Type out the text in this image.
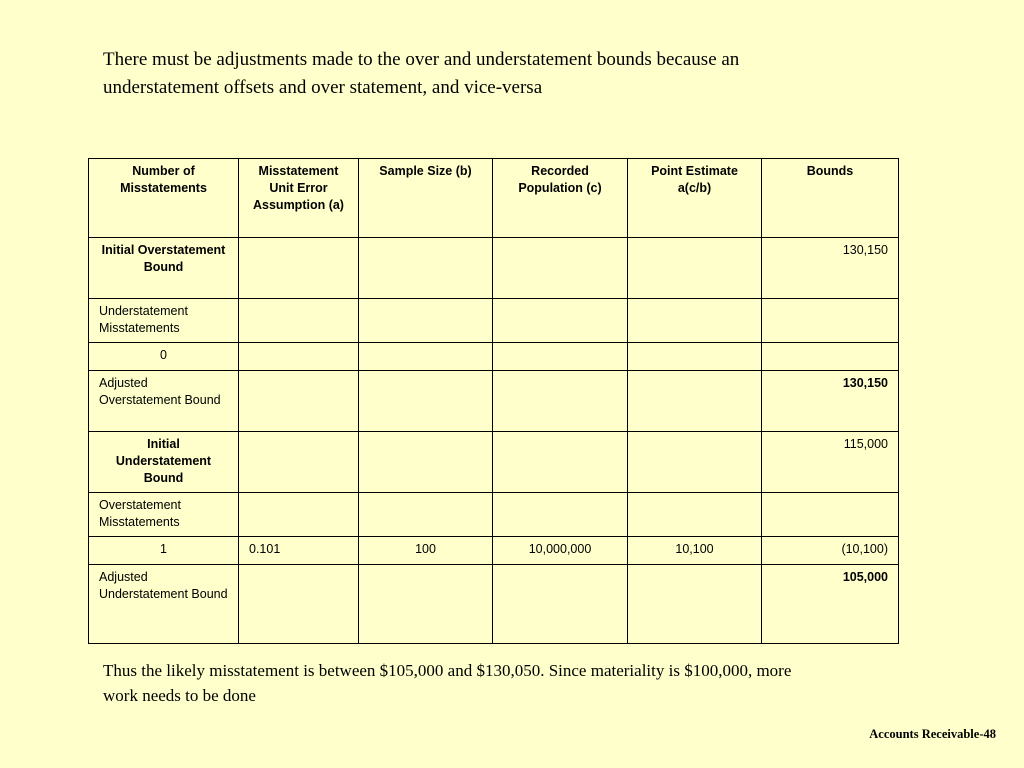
There must be adjustments made to the over and understatement bounds because an

understatement offsets and over statement, and vice-versa

Number of Misstatements	Misstatement Unit Error Assumption (a)	Sample Size (b)	Recorded Population (c)	Point Estimate a(c/b)	Bounds
Initial Overstatement Bound					130,150
Understatement Misstatements					
0					
Adjusted Overstatement Bound					130,150
Initial Understatement Bound					115,000
Overstatement Misstatements					
1	0.101	100	10,000,000	10,100	(10,100)
Adjusted Understatement Bound					105,000

Thus the likely misstatement is between $105,000 and $130,050. Since materiality is $100,000, more

work needs to be done

Accounts Receivable-48
